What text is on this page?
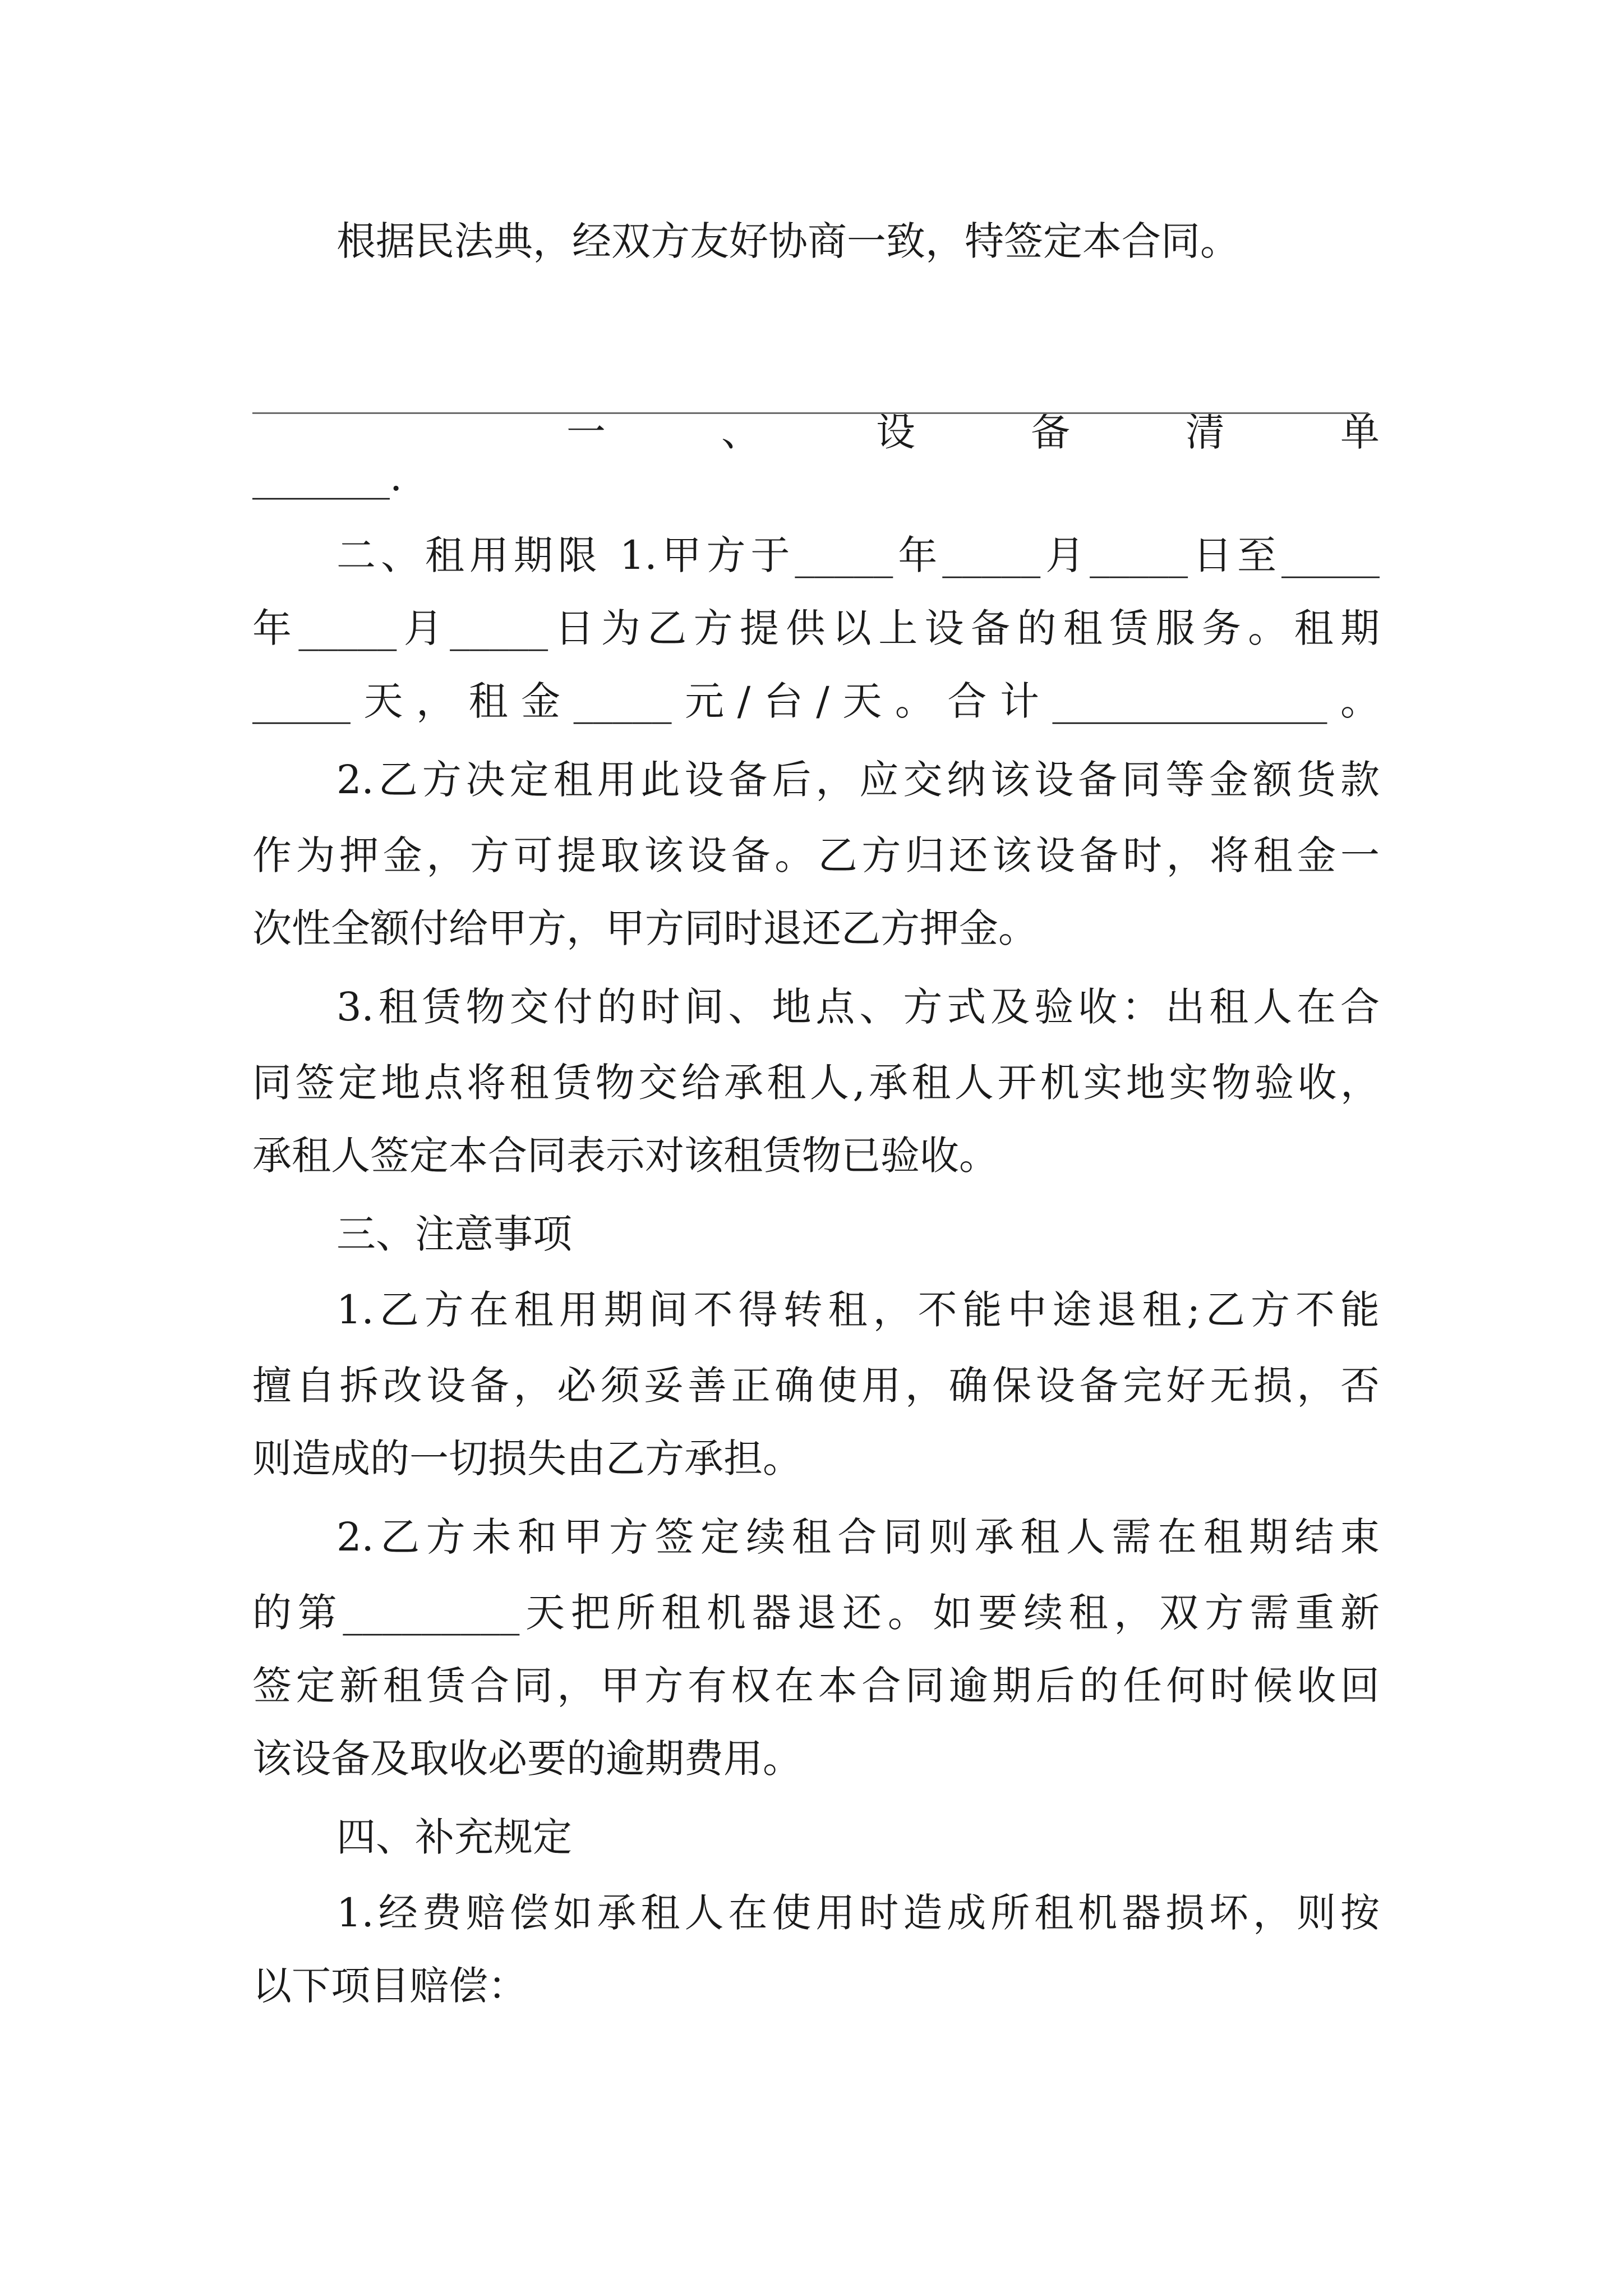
根据民法典，经双方友好协商一致，特签定本合同。

一	、	设	备	清	单

_______.
二、租用期限 1.甲方于_____年_____月_____日至_____
年_____月_____日为乙方提供以上设备的租赁服务。租期
_____天，租金_____元/台/天。合计______________。
2.乙方决定租用此设备后，应交纳该设备同等金额货款
作为押金，方可提取该设备。乙方归还该设备时，将租金一
次性全额付给甲方，甲方同时退还乙方押金。
3.租赁物交付的时间、地点、方式及验收：出租人在合
同签定地点将租赁物交给承租人,承租人开机实地实物验收，
承租人签定本合同表示对该租赁物已验收。
三、注意事项
1.乙方在租用期间不得转租，不能中途退租;乙方不能
擅自拆改设备，必须妥善正确使用，确保设备完好无损，否
则造成的一切损失由乙方承担。
2.乙方未和甲方签定续租合同则承租人需在租期结束
的第_________天把所租机器退还。如要续租，双方需重新
签定新租赁合同，甲方有权在本合同逾期后的任何时候收回
该设备及取收必要的逾期费用。
四、补充规定
1.经费赔偿如承租人在使用时造成所租机器损坏，则按
以下项目赔偿：
